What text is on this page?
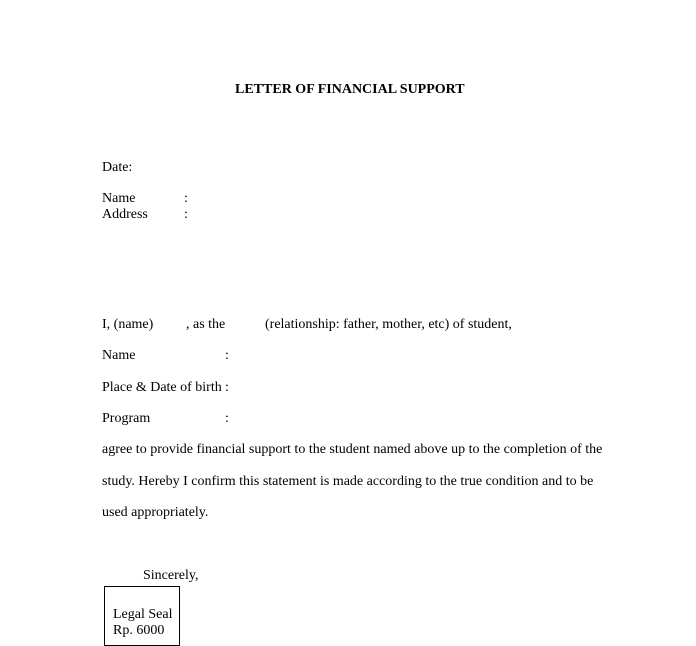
LETTER OF FINANCIAL SUPPORT
Date:
Name	:
Address	:
I, (name) , as the	(relationship: father, mother, etc) of student,
Name	:
Place & Date of birth :
Program	:
agree to provide financial support to the student named above up to the completion of the
study. Hereby I confirm this statement is made according to the true condition and to be
used appropriately.
Sincerely,
Legal Seal
Rp. 6000
